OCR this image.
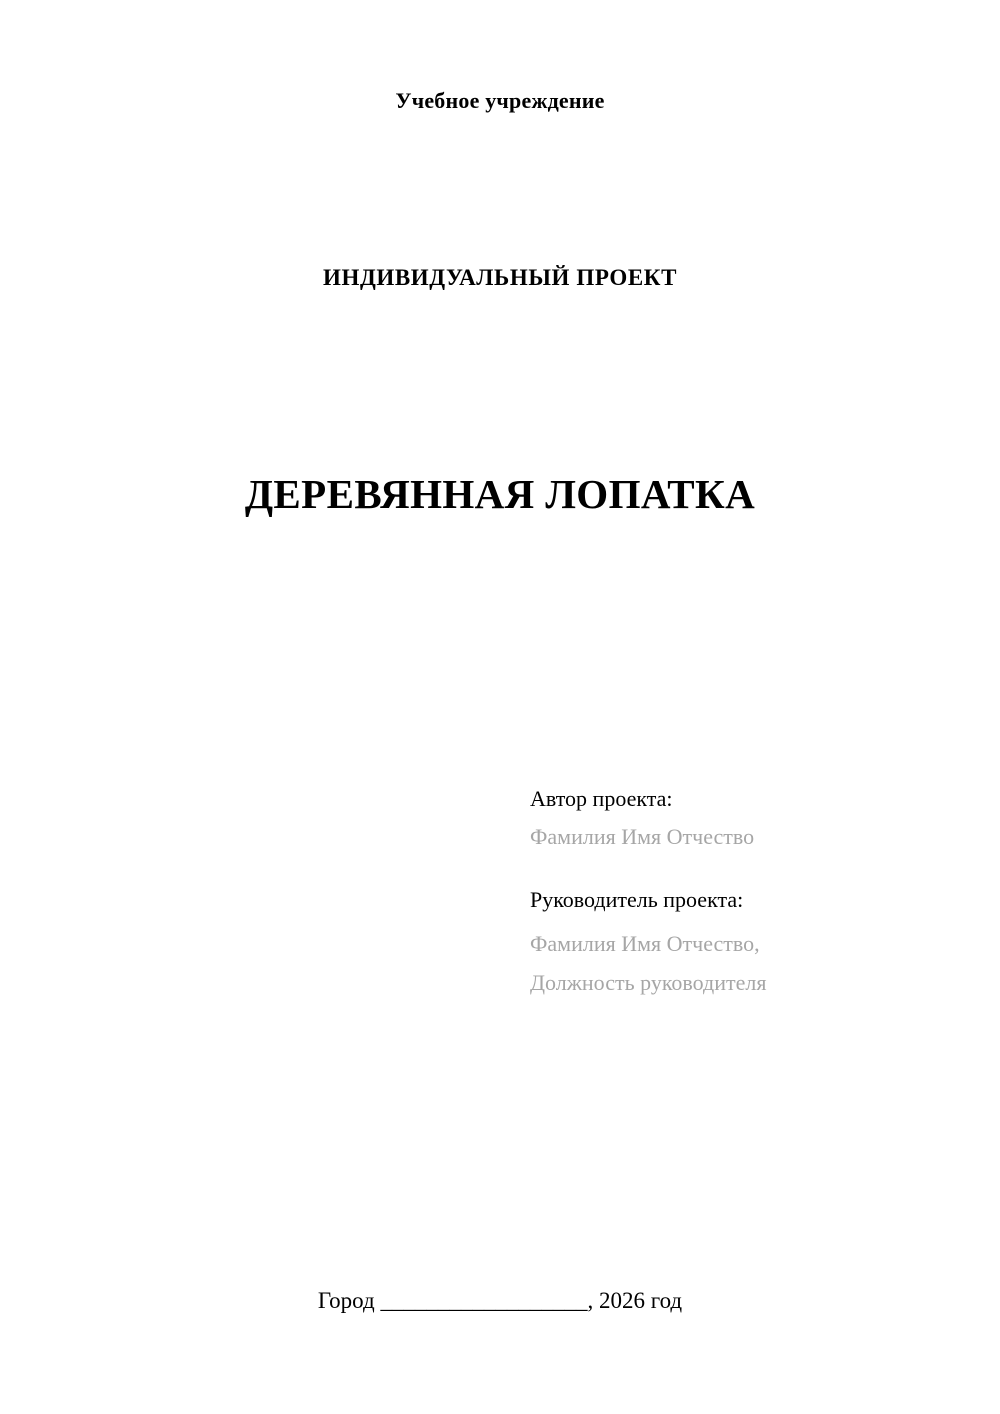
Учебное учреждение
ИНДИВИДУАЛЬНЫЙ ПРОЕКТ
ДЕРЕВЯННАЯ ЛОПАТКА

Автор проекта:

Фамилия Имя Отчество

Руководитель проекта:

Фамилия Имя Отчество,
Должность руководителя
Город __________________, 2026 год
